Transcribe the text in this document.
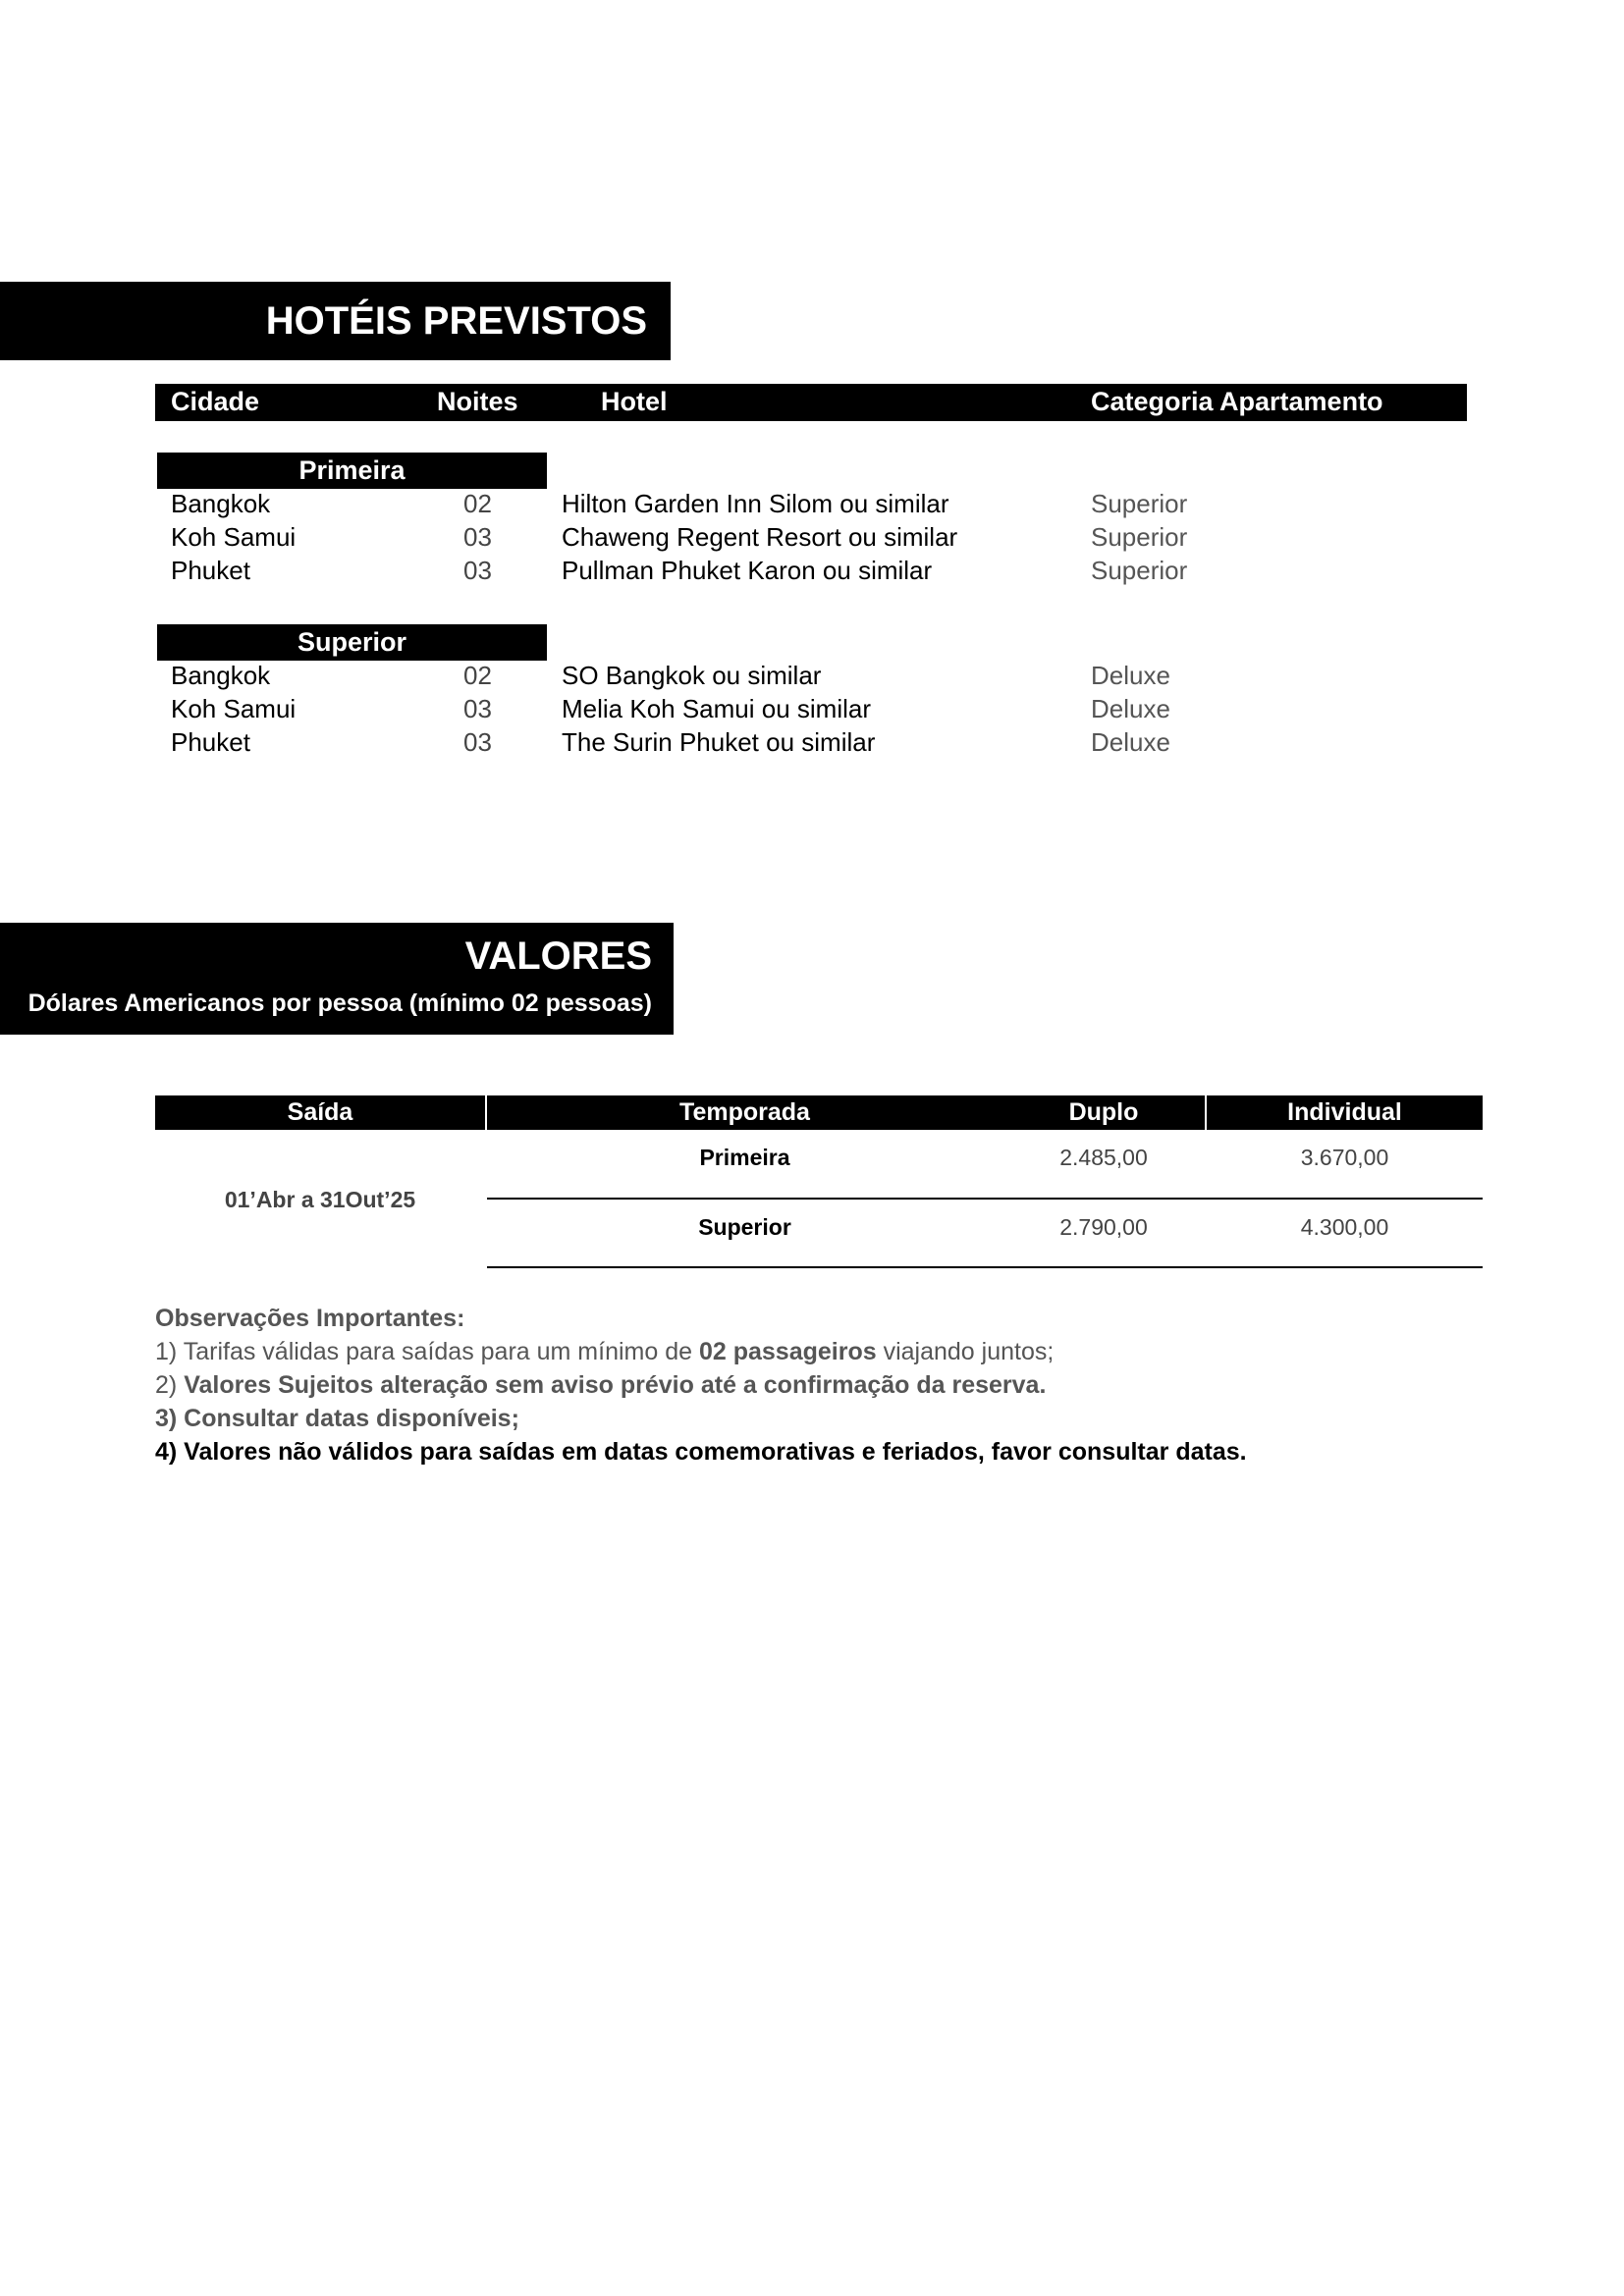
HOTÉIS PREVISTOS
Cidade	Noites	Hotel	Categoria Apartamento
Primeira
Bangkok	02	Hilton Garden Inn Silom ou similar	Superior
Koh Samui	03	Chaweng Regent Resort ou similar	Superior
Phuket	03	Pullman Phuket Karon ou similar	Superior
Superior
Bangkok	02	SO Bangkok ou similar	Deluxe
Koh Samui	03	Melia Koh Samui ou similar	Deluxe
Phuket	03	The Surin Phuket ou similar	Deluxe
VALORES
Dólares Americanos por pessoa (mínimo 02 pessoas)
Saída	Temporada	Duplo	Individual
01’Abr a 31Out’25
Primeira	2.485,00	3.670,00
Superior	2.790,00	4.300,00
Observações Importantes:
1) Tarifas válidas para saídas para um mínimo de 02 passageiros viajando juntos;
2) Valores Sujeitos alteração sem aviso prévio até a confirmação da reserva.
3) Consultar datas disponíveis;
4) Valores não válidos para saídas em datas comemorativas e feriados, favor consultar datas.
